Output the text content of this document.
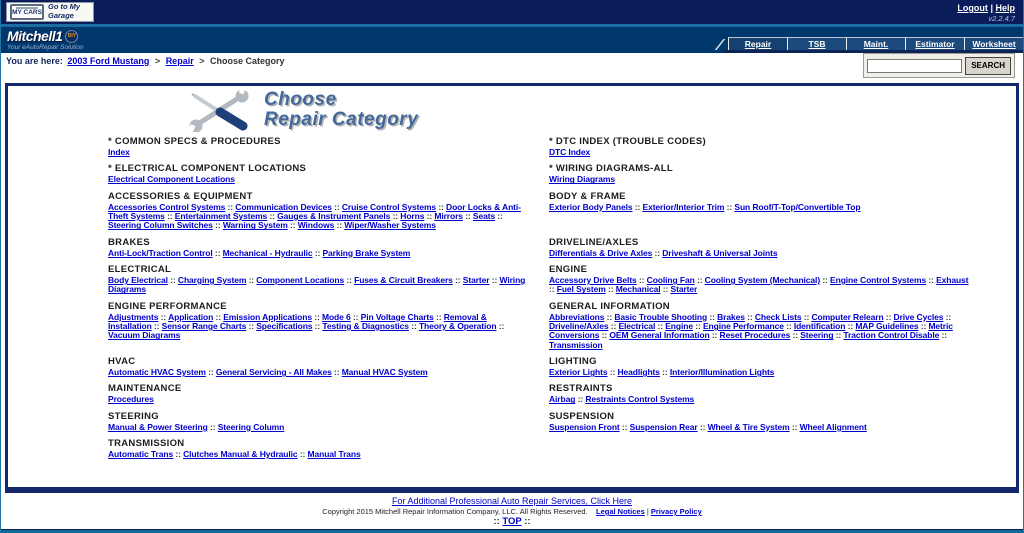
MY CARS
Go to My Garage
Logout | Help
v2.2.4.7
Mitchell1	DIY
Your eAutoRepair Solution	Repair	TSB	Maint.	Estimator	Worksheet
You are here: 2003 Ford Mustang > Repair > Choose Category	SEARCH
Choose
Repair Category
* COMMON SPECS & PROCEDURES
Index
* DTC INDEX (TROUBLE CODES)
DTC Index
* ELECTRICAL COMPONENT LOCATIONS
Electrical Component Locations
* WIRING DIAGRAMS-ALL
Wiring Diagrams
ACCESSORIES & EQUIPMENT
Accessories Control Systems :: Communication Devices :: Cruise Control Systems :: Door Locks & Anti-Theft Systems :: Entertainment Systems :: Gauges & Instrument Panels :: Horns :: Mirrors :: Seats :: Steering Column Switches :: Warning System :: Windows :: Wiper/Washer Systems
BODY & FRAME
Exterior Body Panels :: Exterior/Interior Trim :: Sun Roof/T-Top/Convertible Top
BRAKES
Anti-Lock/Traction Control :: Mechanical - Hydraulic :: Parking Brake System
DRIVELINE/AXLES
Differentials & Drive Axles :: Driveshaft & Universal Joints
ELECTRICAL
Body Electrical :: Charging System :: Component Locations :: Fuses & Circuit Breakers :: Starter :: Wiring Diagrams
ENGINE
Accessory Drive Belts :: Cooling Fan :: Cooling System (Mechanical) :: Engine Control Systems :: Exhaust :: Fuel System :: Mechanical :: Starter
ENGINE PERFORMANCE
Adjustments :: Application :: Emission Applications :: Mode 6 :: Pin Voltage Charts :: Removal & Installation :: Sensor Range Charts :: Specifications :: Testing & Diagnostics :: Theory & Operation :: Vacuum Diagrams
GENERAL INFORMATION
Abbreviations :: Basic Trouble Shooting :: Brakes :: Check Lists :: Computer Relearn :: Drive Cycles :: Driveline/Axles :: Electrical :: Engine :: Engine Performance :: Identification :: MAP Guidelines :: Metric Conversions :: OEM General Information :: Reset Procedures :: Steering :: Traction Control Disable :: Transmission
HVAC
Automatic HVAC System :: General Servicing - All Makes :: Manual HVAC System
LIGHTING
Exterior Lights :: Headlights :: Interior/Illumination Lights
MAINTENANCE
Procedures
RESTRAINTS
Airbag :: Restraints Control Systems
STEERING
Manual & Power Steering :: Steering Column
SUSPENSION
Suspension Front :: Suspension Rear :: Wheel & Tire System :: Wheel Alignment
TRANSMISSION
Automatic Trans :: Clutches Manual & Hydraulic :: Manual Trans
For Additional Professional Auto Repair Services, Click Here
Copyright 2015 Mitchell Repair Information Company, LLC. All Rights Reserved. Legal Notices | Privacy Policy
:: TOP ::
